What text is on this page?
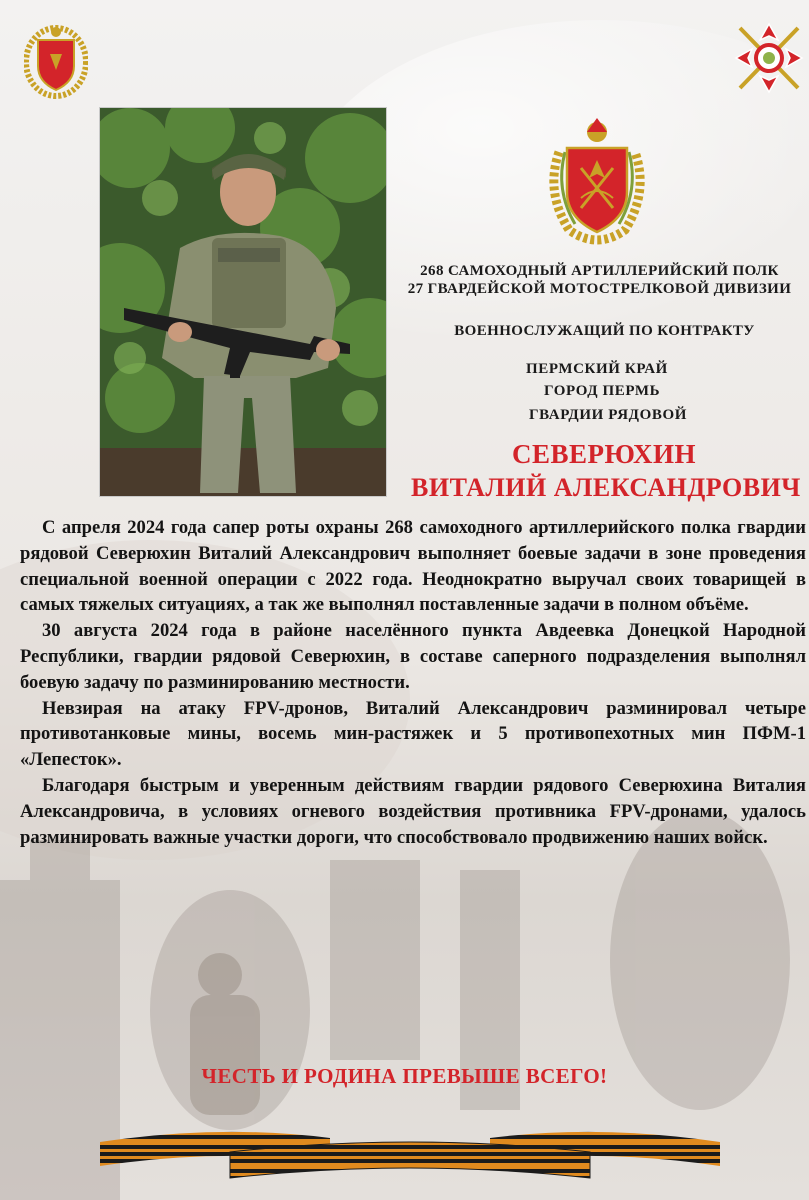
268 САМОХОДНЫЙ АРТИЛЛЕРИЙСКИЙ ПОЛК
27 ГВАРДЕЙСКОЙ МОТОСТРЕЛКОВОЙ ДИВИЗИИ
ВОЕННОСЛУЖАЩИЙ ПО КОНТРАКТУ
ПЕРМСКИЙ КРАЙ
ГОРОД ПЕРМЬ
ГВАРДИИ РЯДОВОЙ
СЕВЕРЮХИН
ВИТАЛИЙ АЛЕКСАНДРОВИЧ

С апреля 2024 года сапер роты охраны 268 самоходного артиллерийского полка гвардии рядовой Северюхин Виталий Александрович выполняет боевые задачи в зоне проведения специальной военной операции с 2022 года. Неоднократно выручал своих товарищей в самых тяжелых ситуациях, а так же выполнял поставленные задачи в полном объёме.

30 августа 2024 года в районе населённого пункта Авдеевка Донецкой Народной Республики, гвардии рядовой Северюхин, в составе саперного подразделения выполнял боевую задачу по разминированию местности.

Невзирая на атаку FPV-дронов, Виталий Александрович разминировал четыре противотанковые мины, восемь мин-растяжек и 5 противопехотных мин ПФМ-1 «Лепесток».

Благодаря быстрым и уверенным действиям гвардии рядового Северюхина Виталия Александровича, в условиях огневого воздействия противника FPV-дронами, удалось разминировать важные участки дороги, что способствовало продвижению наших войск.

ЧЕСТЬ И РОДИНА ПРЕВЫШЕ ВСЕГО!
